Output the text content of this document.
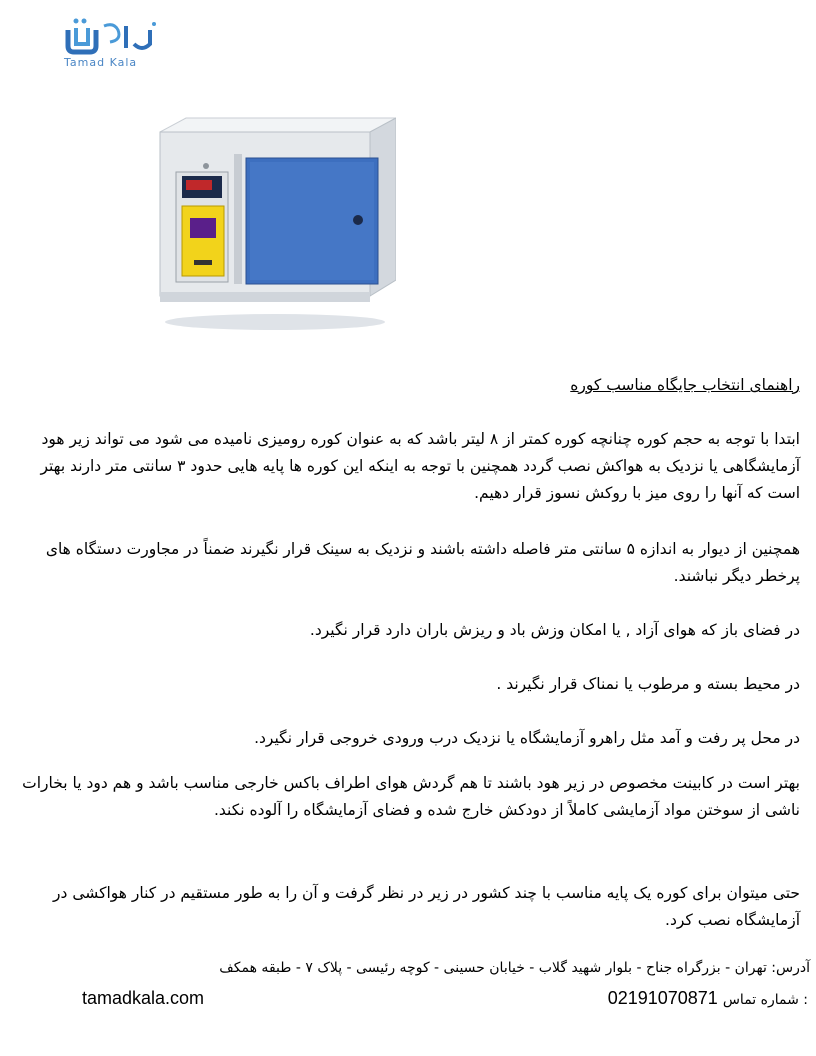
Tamad Kala
راهنمای انتخاب جایگاه مناسب کوره

ابتدا با توجه به حجم کوره چنانچه کوره کمتر از ۸ لیتر باشد که به عنوان کوره رومیزی نامیده می شود می تواند زیر هود آزمایشگاهی یا نزدیک به هواکش نصب گردد همچنین با توجه به اینکه این کوره ها پایه هایی حدود ۳ سانتی متر دارند بهتر است که آنها را روی میز با روکش نسوز قرار دهیم.

همچنین از دیوار به اندازه ۵ سانتی متر فاصله داشته باشند و نزدیک به سینک قرار نگیرند ضمناً در مجاورت دستگاه های پرخطر دیگر نباشند.

در فضای باز که هوای آزاد , یا امکان وزش باد و ریزش باران دارد قرار نگیرد.

در محیط بسته و مرطوب یا نمناک قرار نگیرند .

در محل پر رفت و آمد مثل راهرو آزمایشگاه یا نزدیک درب ورودی خروجی قرار نگیرد.

بهتر است در کابینت مخصوص در زیر هود باشند تا هم گردش هوای اطراف باکس خارجی مناسب باشد و هم دود یا بخارات ناشی از سوختن مواد آزمایشی کاملاً از دودکش خارج شده و فضای آزمایشگاه را آلوده نکند.

حتی میتوان برای کوره یک پایه مناسب با چند کشور در زیر در نظر گرفت و آن را به طور مستقیم در کنار هواکشی در آزمایشگاه نصب کرد.

آدرس: تهران - بزرگراه جناح - بلوار شهید گلاب - خیابان حسینی - کوچه رئیسی - پلاک ۷ - طبقه همکف
tamadkala.com	02191070871 شماره تماس :
